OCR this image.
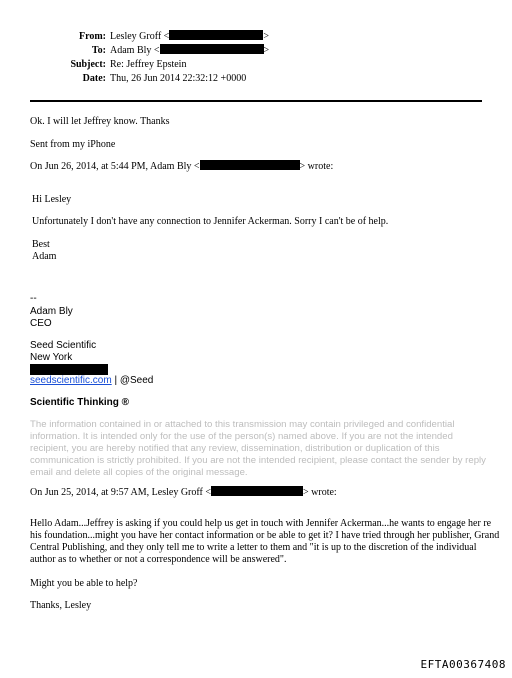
From: Lesley Groff <	>
To: Adam Bly <	>
Subject: Re: Jeffrey Epstein
Date: Thu, 26 Jun 2014 22:32:12 +0000
Ok. I will let Jeffrey know. Thanks
Sent from my iPhone
On Jun 26, 2014, at 5:44 PM, Adam Bly <	> wrote:
Hi Lesley
Unfortunately I don't have any connection to Jennifer Ackerman. Sorry I can't be of help.
Best
Adam
--
Adam Bly
CEO
Seed Scientific
New York
seedscientific.com | @Seed
Scientific Thinking ®
The information contained in or attached to this transmission may contain privileged and confidential information. It is intended only for the use of the person(s) named above. If you are not the intended recipient, you are hereby notified that any review, dissemination, distribution or duplication of this communication is strictly prohibited. If you are not the intended recipient, please contact the sender by reply email and delete all copies of the original message.
On Jun 25, 2014, at 9:57 AM, Lesley Groff <	> wrote:
Hello Adam...Jeffrey is asking if you could help us get in touch with Jennifer Ackerman...he wants to engage her re his foundation...might you have her contact information or be able to get it? I have tried through her publisher, Grand Central Publishing, and they only tell me to write a letter to them and "it is up to the discretion of the individual author as to whether or not a correspondence will be answered".
Might you be able to help?
Thanks, Lesley
EFTA00367408
